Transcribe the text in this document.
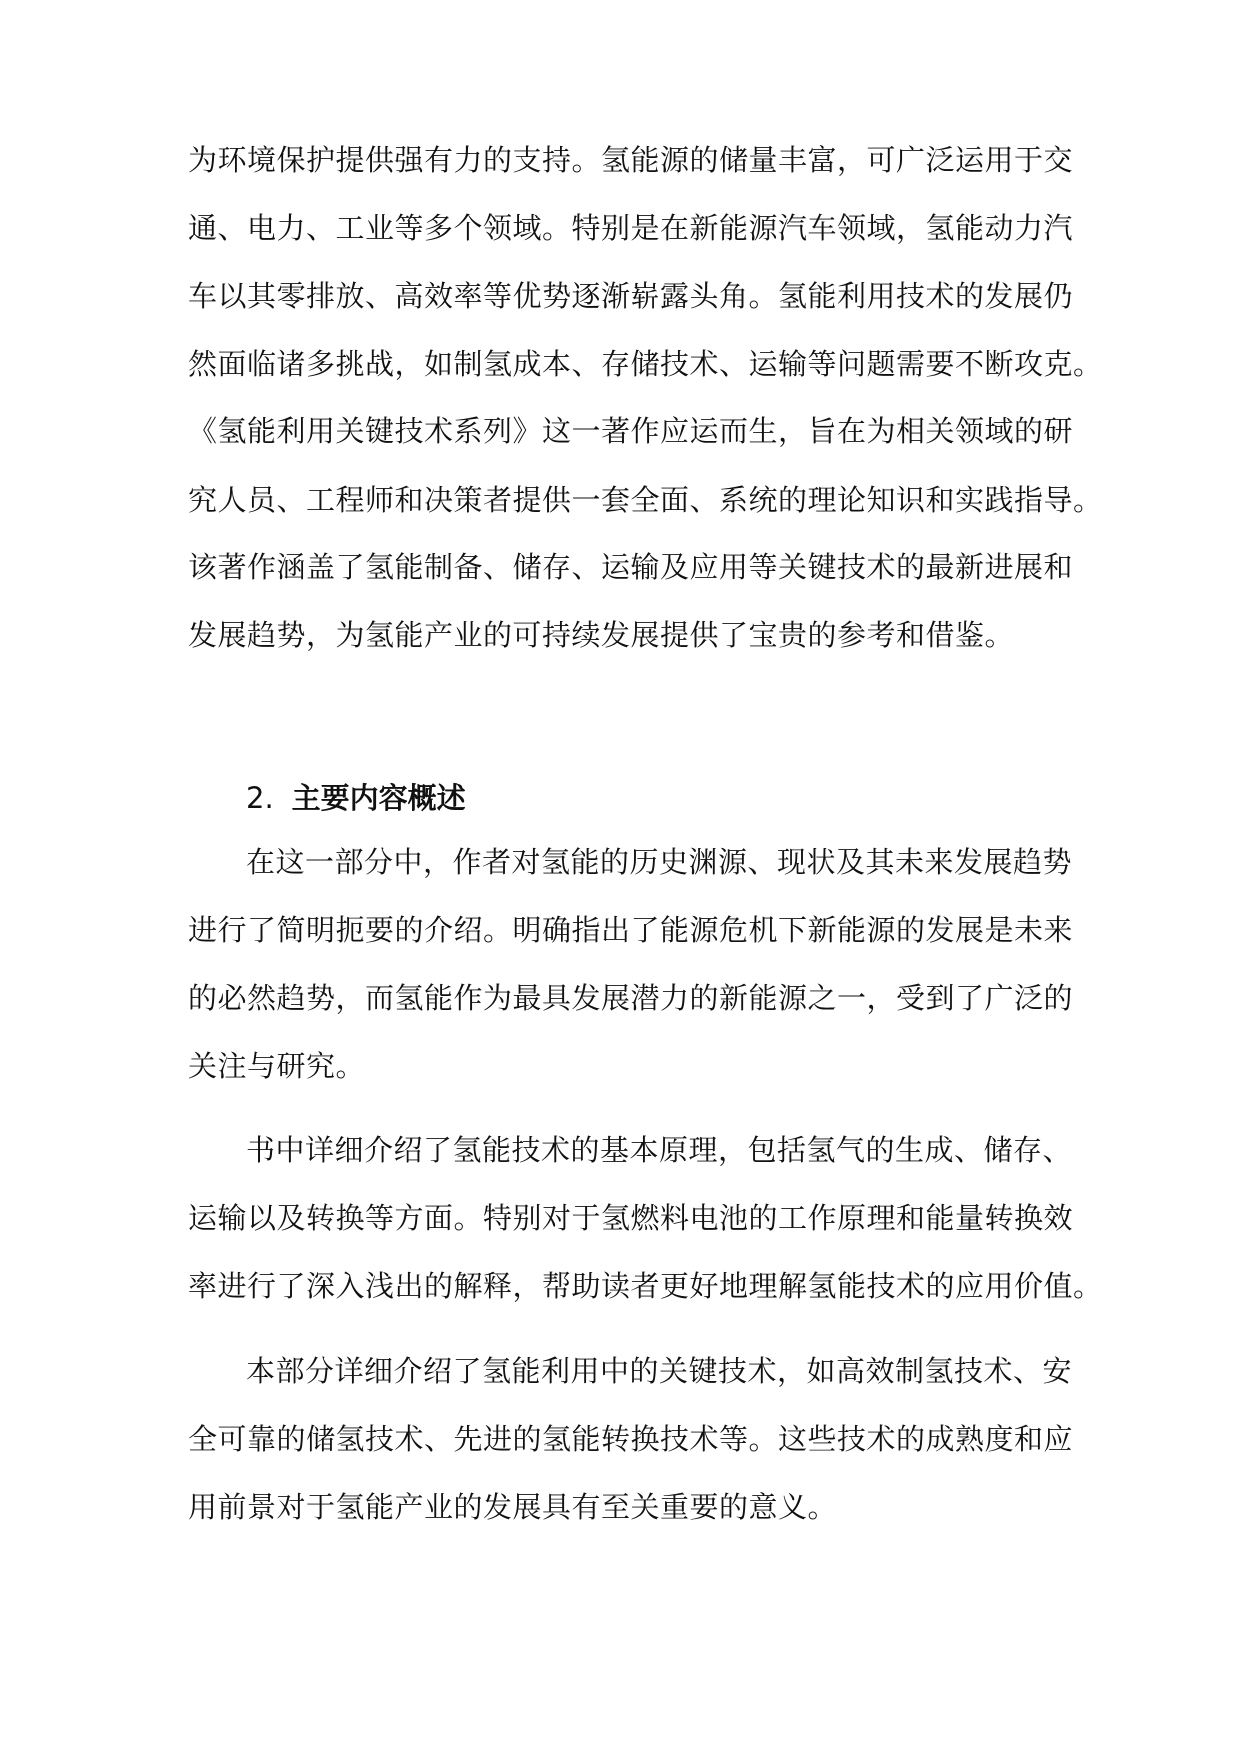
为环境保护提供强有力的支持。氢能源的储量丰富，可广泛运用于交

通、电力、工业等多个领域。特别是在新能源汽车领域，氢能动力汽

车以其零排放、高效率等优势逐渐崭露头角。氢能利用技术的发展仍

然面临诸多挑战，如制氢成本、存储技术、运输等问题需要不断攻克。

《氢能利用关键技术系列》这一著作应运而生，旨在为相关领域的研

究人员、工程师和决策者提供一套全面、系统的理论知识和实践指导。

该著作涵盖了氢能制备、储存、运输及应用等关键技术的最新进展和

发展趋势，为氢能产业的可持续发展提供了宝贵的参考和借鉴。

2. 主要内容概述

在这一部分中，作者对氢能的历史渊源、现状及其未来发展趋势

进行了简明扼要的介绍。明确指出了能源危机下新能源的发展是未来

的必然趋势，而氢能作为最具发展潜力的新能源之一，受到了广泛的

关注与研究。

书中详细介绍了氢能技术的基本原理，包括氢气的生成、储存、

运输以及转换等方面。特别对于氢燃料电池的工作原理和能量转换效

率进行了深入浅出的解释，帮助读者更好地理解氢能技术的应用价值。

本部分详细介绍了氢能利用中的关键技术，如高效制氢技术、安

全可靠的储氢技术、先进的氢能转换技术等。这些技术的成熟度和应

用前景对于氢能产业的发展具有至关重要的意义。
